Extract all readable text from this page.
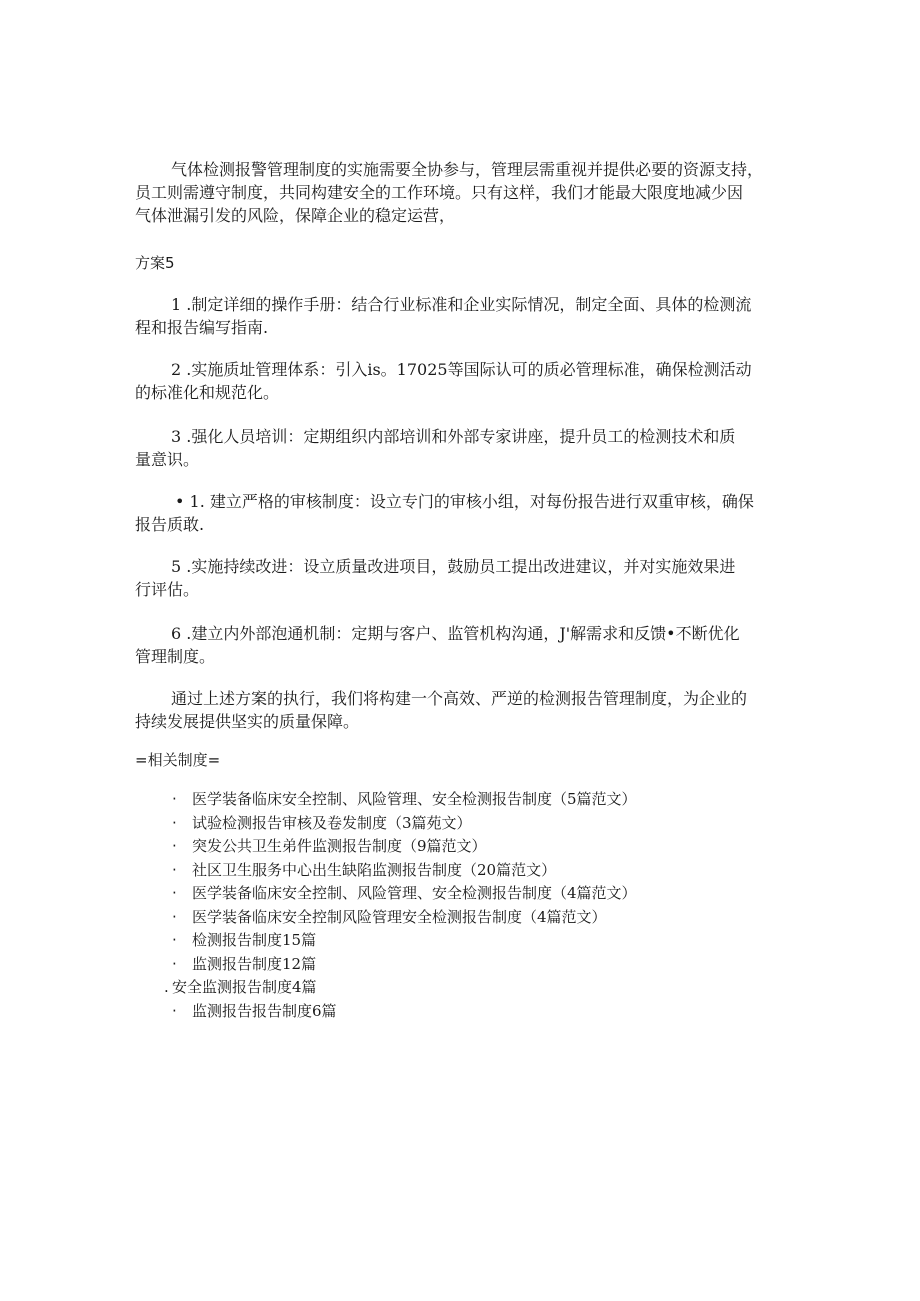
气体检测报警管理制度的实施需要全协参与，管理层需重视并提供必要的资源支持，
员工则需遵守制度，共同构建安全的工作环境。只有这样，我们才能最大限度地减少因
气体泄漏引发的风险，保障企业的稳定运营，

方案5

1 .制定详细的操作手册：结合行业标准和企业实际情况，制定全面、具体的检测流
程和报告编写指南.

2 .实施质址管理体系：引入is。17025等国际认可的质必管理标准，确保检测活动
的标准化和规范化。

3 .强化人员培训：定期组织内部培训和外部专家讲座，提升员工的检测技术和质
量意识。

• 1. 建立严格的审核制度：设立专门的审核小组，对每份报告进行双重审核，确保
报告质敢.

5 .实施持续改进：设立质量改进项目，鼓励员工提出改进建议，并对实施效果进
行评估。

6 .建立内外部泡通机制：定期与客户、监管机构沟通，J'解需求和反馈•不断优化
管理制度。

通过上述方案的执行，我们将构建一个高效、严逆的检测报告管理制度，为企业的
持续发展提供坚实的质量保障。

=相关制度=

· 医学装备临床安全控制、风险管理、安全检测报告制度（5篇范文）
· 试验检测报告审核及卷发制度（3篇苑文）
· 突发公共卫生弟件监测报告制度（9篇范文）
· 社区卫生服务中心出生缺陷监测报告制度（20篇范文）
· 医学装备临床安全控制、风险管理、安全检测报告制度（4篇范文）
· 医学装备临床安全控制风险管理安全检测报告制度（4篇范文）
· 检测报告制度15篇
· 监测报告制度12篇
. 安全监测报告制度4篇
· 监测报告报告制度6篇
